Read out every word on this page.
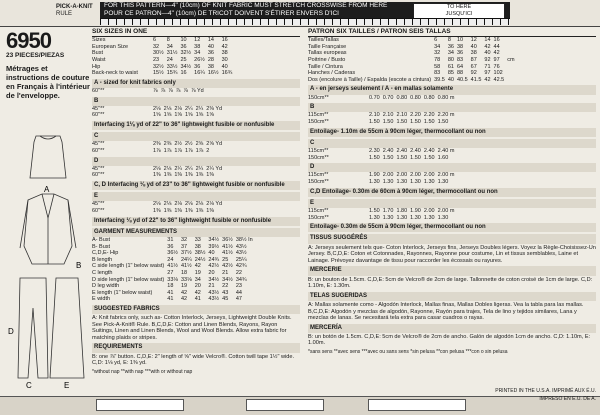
PICK-A-KNIT
RULE
FOR THIS PATTERN—4" (10cm) OF KNIT FABRIC MUST STRETCH CROSSWISE FROM HERE
POUR CE PATRON—4" (10cm) DE TRICOT DOIVENT S'ÉTIRER ENVERS D'ICI
TO HERE
JUSQU'ICI
6950
23 PIECES/PIEZAS
Métrages et instructions de couture en Français à l'intérieur de l'enveloppe.
A
B
D
C	E
SIX SIZES IN ONE
Sizes	6	8	10	12	14	16
European Size	32	34	36	38	40	42
Bust	30½	31½	32½	34	36	38
Waist	23	24	25	26½	28	30
Hip	32½	33½	34½	36	38	40
Back-neck to waist	15½	15¾	16	16¼	16½	16¾
A - sized for knit fabrics only
60"**	⅞	⅞	⅞	⅞	⅞	⅞ Yd

B
45"**	2⅛	2⅛	2⅛	2¼	2¼	2⅜ Yd
60"**	1⅝	1⅝	1⅝	1⅝	1⅝	1⅝
Interfacing 1⅛ yd of 22" to 36" lightweight fusible or nonfusible
C
45"**	2⅜	2⅜	2½	2½	2⅝	2⅝ Yd
60"**	1⅞	1⅞	1⅞	1⅞	1⅞	2
D
45"**	2⅛	2⅛	2¼	2¼	2¼	2¼ Yd
60"**	1⅜	1⅜	1⅜	1⅜	1⅜	1⅜
C, D Interfacing ⅛ yd of 23" to 36" lightweight fusible or nonfusible
E
45"**	2⅛	2⅛	2⅛	2⅛	2⅛	2⅛ Yd
60"**	1⅜	1⅜	1⅜	1⅜	1⅜	1⅜
Interfacing ⅛ yd of 22" to 36" lightweight fusible or nonfusible
GARMENT MEASUREMENTS
A- Bust	31	32	33	34½	36½	38½ In
B- Bust	36	37	38	39½	41½	43½
C,D,E- Hip	36½	37½	38½	40	41½	43½
B length	24	24¼	24½	24¾	25	25¼
C side length (1" below waist)	41½	41½	42	42½	42½	42¾
C length	27	18	19	20	21	22
D side length (1" below waist)	33⅛	33⅛	34	34½	34½	34¾
D leg width	18	19	20	21	22	23
E length (1" below waist)	41	42	42	43½	43	44
E width	41	42	41	43½	45	47
SUGGESTED FABRICS
A: Knit fabrics only, such as- Cotton Interlock, Jerseys, Lightweight Double Knits. See Pick-A-Knit® Rule. B,C,D,E: Cotton and Linen Blends, Rayons, Rayon Suitings, Linen and Linen Blends, Wool and Wool Blends. Allow extra fabric for matching plaids or stripes.
REQUIREMENTS
B: one ⅞" button. C,D,E: 2" length of ⅝" wide Velcro®. Cotton twill tape 1½" wide. C,D: 1⅛ yd, E: 1⅜ yd.
*without nap **with nap ***with or without nap
PATRON SIX TAILLES / PATRON SEIS TALLAS
Tailles/Tallas	6	8	10	12	14	16	
Taille Française	34	36	38	40	42	44	
Tallas europeas	32	34	36	38	40	42	
Poitrine / Busto	78	80	83	87	92	97	cm
Taille / Cintura	58	61	64	67	71	76	
Hanches / Caderas	83	85	88	92	97	102	
Dos (encolure à Taille) / Espalda (escote a cintura)	39.5	40	40.5	41.5	42	42.5	
A - en jerseys seulement / A - en mallas solamente
150cm**	0.70	0.70	0.80	0.80	0.80	0.80 m
B
115cm**	2.10	2.10	2.10	2.20	2.20	2.20 m
150cm**	1.50	1.50	1.50	1.50	1.50	1.50
Entoilage- 1.10m de 55cm à 90cm léger, thermocollant ou non
C
115cm**	2.30	2.40	2.40	2.40	2.40	2.40 m
150cm**	1.50	1.50	1.50	1.50	1.50	1.60
D
115cm**	1.90	2.00	2.00	2.00	2.00	2.00 m
150cm**	1.30	1.30	1.30	1.30	1.30	1.30
C,D Entoilage- 0.30m de 60cm à 90cm léger, thermocollant ou non
E
115cm**	1.50	1.70	1.80	1.90	2.00	2.00 m
150cm**	1.30	1.30	1.30	1.30	1.30	1.30
Entoilage- 0.30m de 55cm à 90cm léger, thermocollant ou non
TISSUS SUGGÉRÉS
A: Jerseys seulement tels que- Coton Interlock, Jerseys fins, Jerseys Doubles légers. Voyez la Règle-Choisissez-Un Jersey. B,C,D,E: Coton et Cotonnades, Rayonnes, Rayonne pour costume, Lin et tissus semblables, Laine et Lainage. Prévoyez davantage de tissu pour raccorder les écossais ou rayures.
MERCERIE
B: un bouton de 1.5cm. C,D,E: 5cm de Velcro® de 2cm de large. Tallonnette de coton croisé de 1cm de large. C,D: 1.10m, E: 1.30m.
TELAS SUGERIDAS
A: Mallas solamente como - Algodón Interlock, Mallas finas, Mallas Dobles ligeras. Vea la tabla para las mallas. B,C,D,E: Algodón y mezclas de algodón, Rayonne, Rayón para trajes, Tela de lino y tejidos similares, Lana y mezclas de lanas. Se necesitará tela extra para casar cuadros o rayas.
MERCERÍA
B: un botón de 1.5cm. C,D,E: 5cm de Velcro® de 2cm de ancho. Galón de algodón 1cm de ancho. C,D: 1.10m, E: 1.00m.
*sans sens **avec sens ***avec ou sans sens *sin pelusa **con pelusa ***con o sin pelusa
PRINTED IN THE U.S.A. IMPRIMÉ AUX É.U.
IMPRESO EN E.U. DE A.
